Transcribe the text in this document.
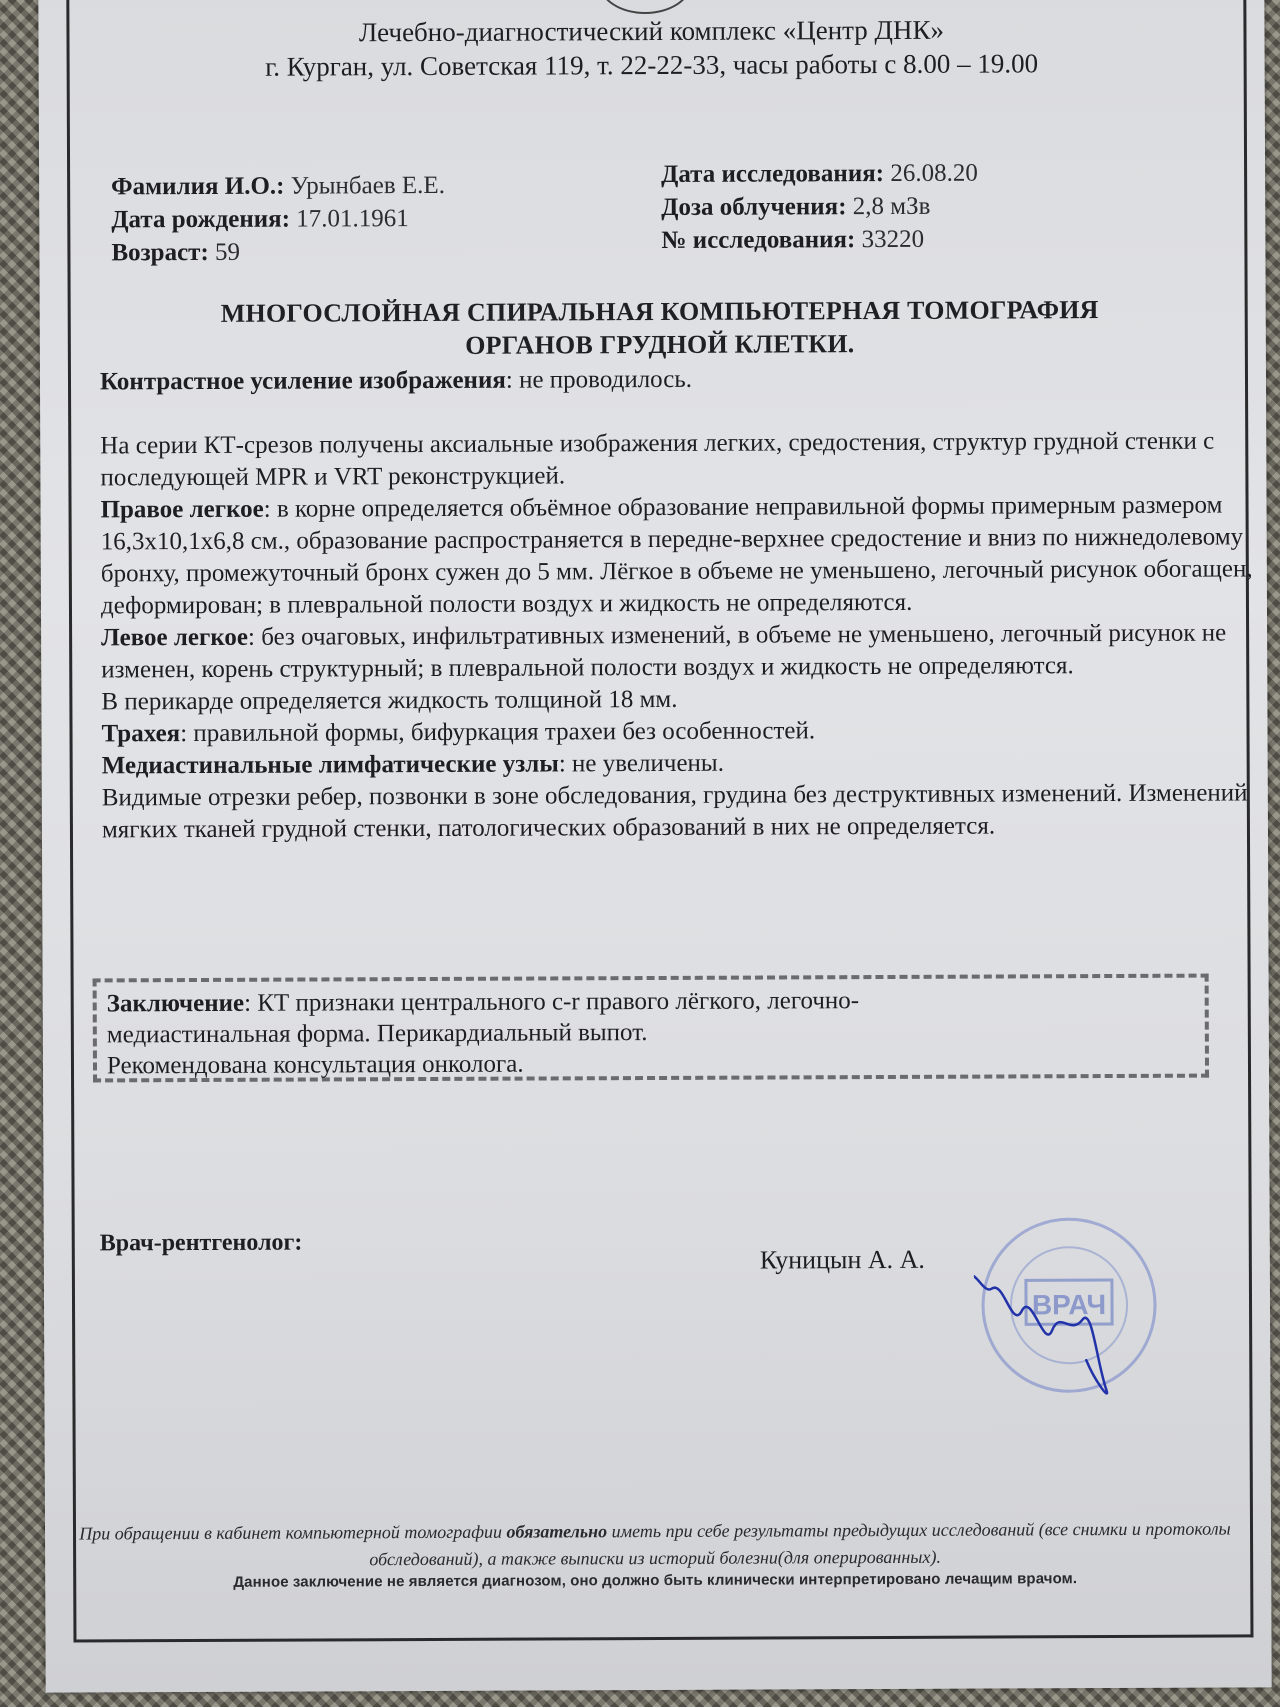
Лечебно-диагностический комплекс «Центр ДНК»
г. Курган, ул. Советская 119, т. 22-22-33, часы работы с 8.00 – 19.00
Фамилия И.О.: Урынбаев Е.Е.
Дата рождения: 17.01.1961
Возраст: 59
Дата исследования: 26.08.20
Доза облучения: 2,8 мЗв
№ исследования: 33220
МНОГОСЛОЙНАЯ СПИРАЛЬНАЯ КОМПЬЮТЕРНАЯ ТОМОГРАФИЯ
ОРГАНОВ ГРУДНОЙ КЛЕТКИ.
Контрастное усиление изображения: не проводилось.

На серии КТ-срезов получены аксиальные изображения легких, средостения, структур грудной стенки с последующей MPR и VRT реконструкцией.

Правое легкое: в корне определяется объёмное образование неправильной формы примерным размером 16,3x10,1x6,8 см., образование распространяется в передне-верхнее средостение и вниз по нижнедолевому бронху, промежуточный бронх сужен до 5 мм. Лёгкое в объеме не уменьшено, легочный рисунок обогащен, деформирован; в плевральной полости воздух и жидкость не определяются.

Левое легкое: без очаговых, инфильтративных изменений, в объеме не уменьшено, легочный рисунок не изменен, корень структурный; в плевральной полости воздух и жидкость не определяются.

В перикарде определяется жидкость толщиной 18 мм.

Трахея: правильной формы, бифуркация трахеи без особенностей.

Медиастинальные лимфатические узлы: не увеличены.

Видимые отрезки ребер, позвонки в зоне обследования, грудина без деструктивных изменений. Изменений мягких тканей грудной стенки, патологических образований в них не определяется.

Заключение: КТ признаки центрального с-r правого лёгкого, легочно-
медиастинальная форма. Перикардиальный выпот.
Рекомендована консультация онколога.
Врач-рентгенолог:
Куницын А. А.
ВРАЧ
При обращении в кабинет компьютерной томографии обязательно иметь при себе результаты предыдущих исследований (все снимки и протоколы обследований), а также выписки из историй болезни(для оперированных).
Данное заключение не является диагнозом, оно должно быть клинически интерпретировано лечащим врачом.
